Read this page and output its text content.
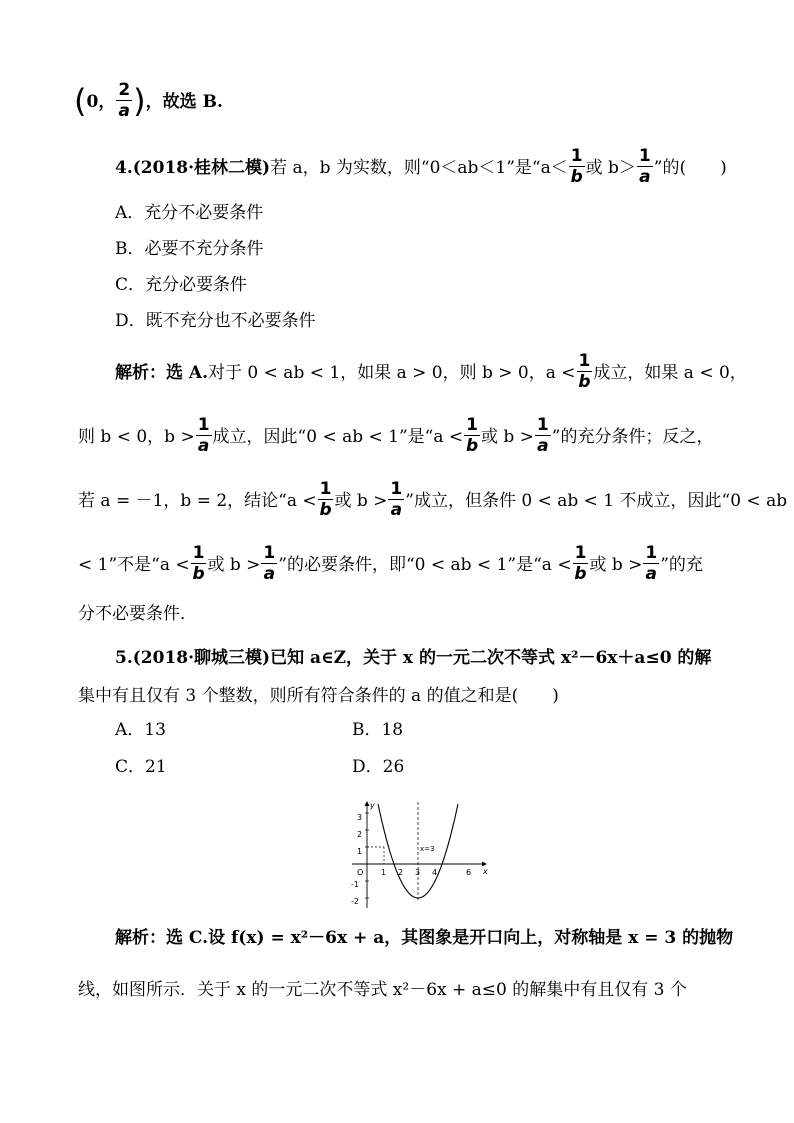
(0， $\frac{2}{a}$ )，故选 B.
4.(2018·桂林二模)若 a，b 为实数，则“0＜ab＜1”是“$a< \frac{1}{b}$ 或 $b> \frac{1}{a}$ ”的(　　)
A．充分不必要条件
B．必要不充分条件
C．充分必要条件
D．既不充分也不必要条件
解析：选 A.对于 0 < ab < 1，如果 a > 0，则 b > 0，$a < \frac{1}{b}$ 成立，如果 a < 0，
则 b < 0，$b > \frac{1}{a}$ 成立，因此“0 < ab < 1”是“$a < \frac{1}{b}$ 或 $b > \frac{1}{a}$ ”的充分条件；反之，
若 a = －1，b = 2，结论“$a < \frac{1}{b}$ 或 $b > \frac{1}{a}$ ”成立，但条件 0 < ab < 1 不成立，因此“0 < ab
< 1”不是“$a < \frac{1}{b}$ 或 $b > \frac{1}{a}$ ”的必要条件，即“0 < ab < 1”是“$a < \frac{1}{b}$ 或 $b > \frac{1}{a}$ ”的充
分不必要条件．
5.(2018·聊城三模)已知 a∈Z，关于 x 的一元二次不等式 x²－6x＋a≤0 的解
集中有且仅有 3 个整数，则所有符合条件的 a 的值之和是(　　)
A．13	B．18
C．21	D．26
y
x
3
2
1
-1
-2
O 1 2 3 4	6
x=3
解析：选 C.设 f(x) = x²－6x + a，其图象是开口向上，对称轴是 x = 3 的抛物
线，如图所示．关于 x 的一元二次不等式 x²－6x + a≤0 的解集中有且仅有 3 个
